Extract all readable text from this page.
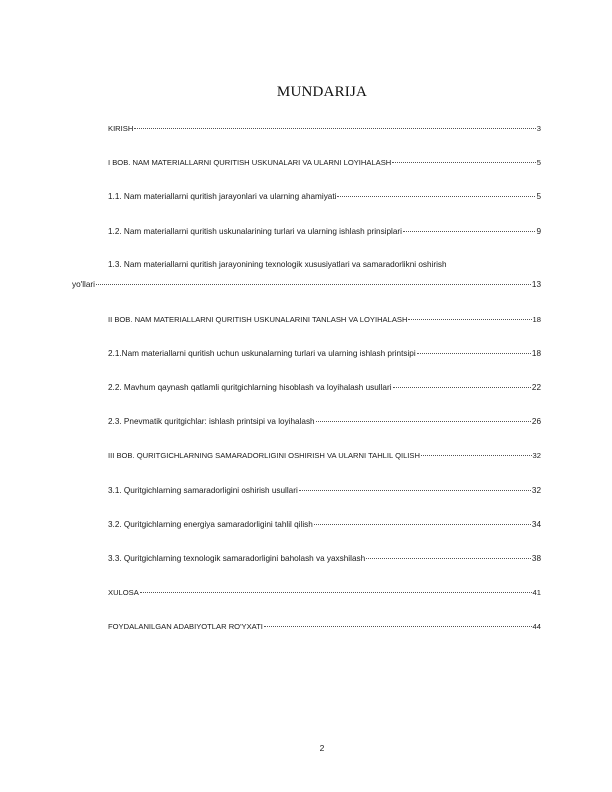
MUNDARIJA
KIRISH	3
I BOB. NAM MATERIALLARNI QURITISH USKUNALARI VA ULARNI LOYIHALASH	5
1.1. Nam materiallarni quritish jarayonlari va ularning ahamiyati	5
1.2. Nam materiallarni quritish uskunalarining turlari va ularning ishlash prinsiplari	9
1.3. Nam materiallarni quritish jarayonining texnologik xususiyatlari va samaradorlikni oshirish
yo'llari	13
II BOB. NAM MATERIALLARNI QURITISH USKUNALARINI TANLASH VA LOYIHALASH	18
2.1.Nam materiallarni quritish uchun uskunalarning turlari va ularning ishlash printsipi	18
2.2. Mavhum qaynash qatlamli quritgichlarning hisoblash va loyihalash usullari	22
2.3. Pnevmatik quritgichlar: ishlash printsipi va loyihalash	26
III BOB. QURITGICHLARNING SAMARADORLIGINI OSHIRISH VA ULARNI TAHLIL QILISH	32
3.1. Quritgichlarning samaradorligini oshirish usullari	32
3.2. Quritgichlarning energiya samaradorligini tahlil qilish	34
3.3. Quritgichlarning texnologik samaradorligini baholash va yaxshilash	38
XULOSA	41
FOYDALANILGAN ADABIYOTLAR RO'YXATI	44
2
